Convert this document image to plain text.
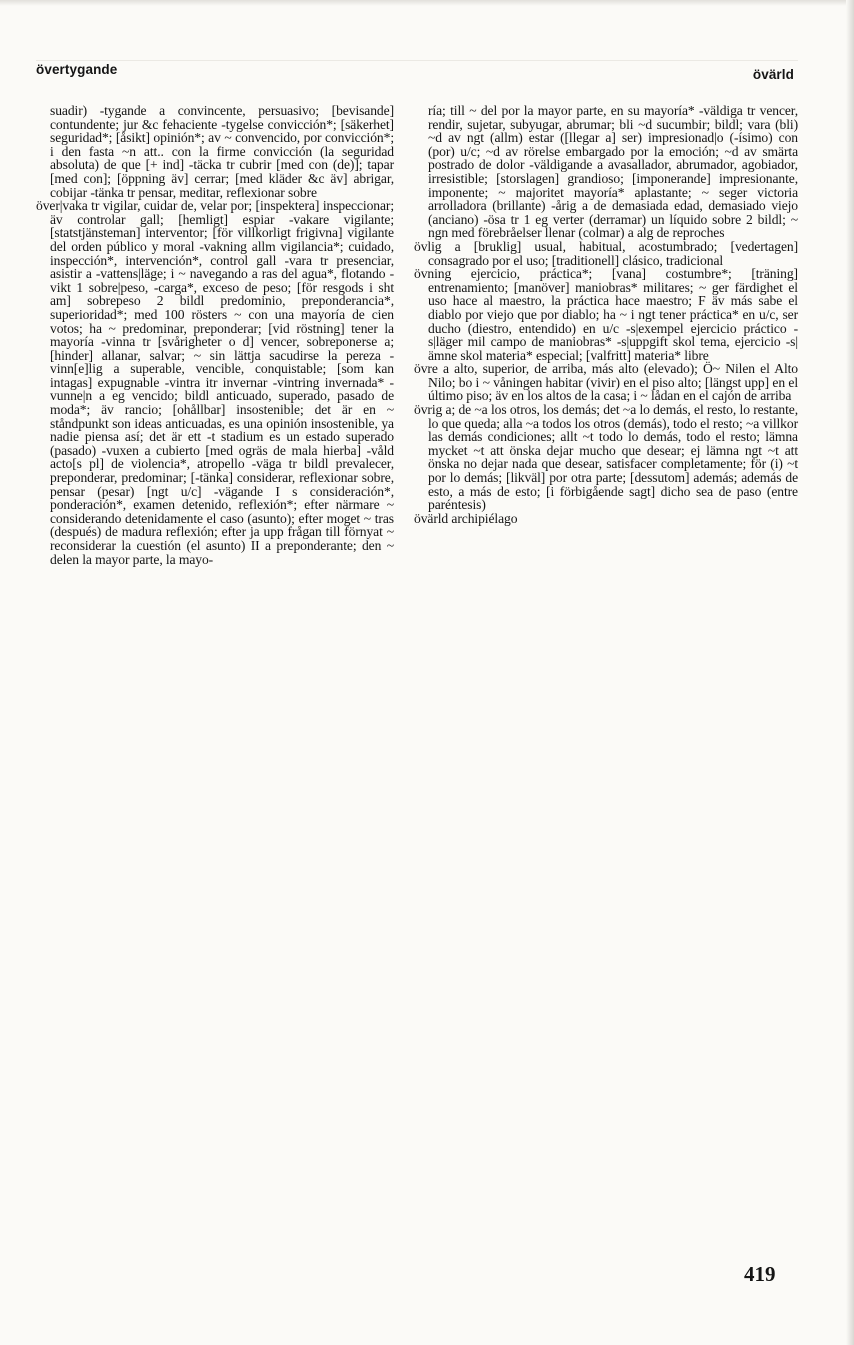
övertygande	övärld

suadir) -tygande a convincente, persuasivo; [bevisande] contundente; jur &c fehaciente -tygelse convicción*; [säkerhet] seguridad*; [åsikt] opinión*; av ~ convencido, por convicción*; i den fasta ~n att.. con la firme convicción (la seguridad absoluta) de que [+ ind] -täcka tr cubrir [med con (de)]; tapar [med con]; [öppning äv] cerrar; [med kläder &c äv] abrigar, cobijar -tänka tr pensar, meditar, reflexionar sobre

över|vaka tr vigilar, cuidar de, velar por; [inspektera] inspeccionar; äv controlar gall; [hemligt] espiar -vakare vigilante; [statstjänsteman] interventor; [för villkorligt frigivna] vigilante del orden público y moral -vakning allm vigilancia*; cuidado, inspección*, intervención*, control gall -vara tr presenciar, asistir a -vattens|läge; i ~ navegando a ras del agua*, flotando -vikt 1 sobre|peso, -carga*, exceso de peso; [för resgods i sht am] sobrepeso 2 bildl predominio, preponderancia*, superioridad*; med 100 rösters ~ con una mayoría de cien votos; ha ~ predominar, preponderar; [vid röstning] tener la mayoría -vinna tr [svårigheter o d] vencer, sobreponerse a; [hinder] allanar, salvar; ~ sin lättja sacudirse la pereza -vinn[e]lig a superable, vencible, conquistable; [som kan intagas] expugnable -vintra itr invernar -vintring invernada* -vunne|n a eg vencido; bildl anticuado, superado, pasado de moda*; äv rancio; [ohållbar] insostenible; det är en ~ ståndpunkt son ideas anticuadas, es una opinión insostenible, ya nadie piensa así; det är ett -t stadium es un estado superado (pasado) -vuxen a cubierto [med ogräs de mala hierba] -våld acto[s pl] de violencia*, atropello -väga tr bildl prevalecer, preponderar, predominar; [-tänka] considerar, reflexionar sobre, pensar (pesar) [ngt u/c] -vägande I s consideración*, ponderación*, examen detenido, reflexión*; efter närmare ~ considerando detenidamente el caso (asunto); efter moget ~ tras (después) de madura reflexión; efter ja upp frågan till förnyat ~ reconsiderar la cuestión (el asunto) II a preponderante; den ~ delen la mayor parte, la mayo-

ría; till ~ del por la mayor parte, en su mayoría* -väldiga tr vencer, rendir, sujetar, subyugar, abrumar; bli ~d sucumbir; bildl; vara (bli) ~d av ngt (allm) estar ([llegar a] ser) impresionad|o (-ísimo) con (por) u/c; ~d av rörelse embargado por la emoción; ~d av smärta postrado de dolor -väldigande a avasallador, abrumador, agobiador, irresistible; [storslagen] grandioso; [imponerande] impresionante, imponente; ~ majoritet mayoría* aplastante; ~ seger victoria arrolladora (brillante) -årig a de demasiada edad, demasiado viejo (anciano) -ösa tr 1 eg verter (derramar) un líquido sobre 2 bildl; ~ ngn med förebråelser llenar (colmar) a alg de reproches

övlig a [bruklig] usual, habitual, acostumbrado; [vedertagen] consagrado por el uso; [traditionell] clásico, tradicional

övning ejercicio, práctica*; [vana] costumbre*; [träning] entrenamiento; [manöver] maniobras* militares; ~ ger färdighet el uso hace al maestro, la práctica hace maestro; F äv más sabe el diablo por viejo que por diablo; ha ~ i ngt tener práctica* en u/c, ser ducho (diestro, entendido) en u/c -s|exempel ejercicio práctico -s|läger mil campo de maniobras* -s|uppgift skol tema, ejercicio -s|ämne skol materia* especial; [valfritt] materia* libre

övre a alto, superior, de arriba, más alto (elevado); Ö~ Nilen el Alto Nilo; bo i ~ våningen habitar (vivir) en el piso alto; [längst upp] en el último piso; äv en los altos de la casa; i ~ lådan en el cajón de arriba

övrig a; de ~a los otros, los demás; det ~a lo demás, el resto, lo restante, lo que queda; alla ~a todos los otros (demás), todo el resto; ~a villkor las demás condiciones; allt ~t todo lo demás, todo el resto; lämna mycket ~t att önska dejar mucho que desear; ej lämna ngt ~t att önska no dejar nada que desear, satisfacer completamente; för (i) ~t por lo demás; [likväl] por otra parte; [dessutom] además; además de esto, a más de esto; [i förbigående sagt] dicho sea de paso (entre paréntesis)

övärld archipiélago

419
